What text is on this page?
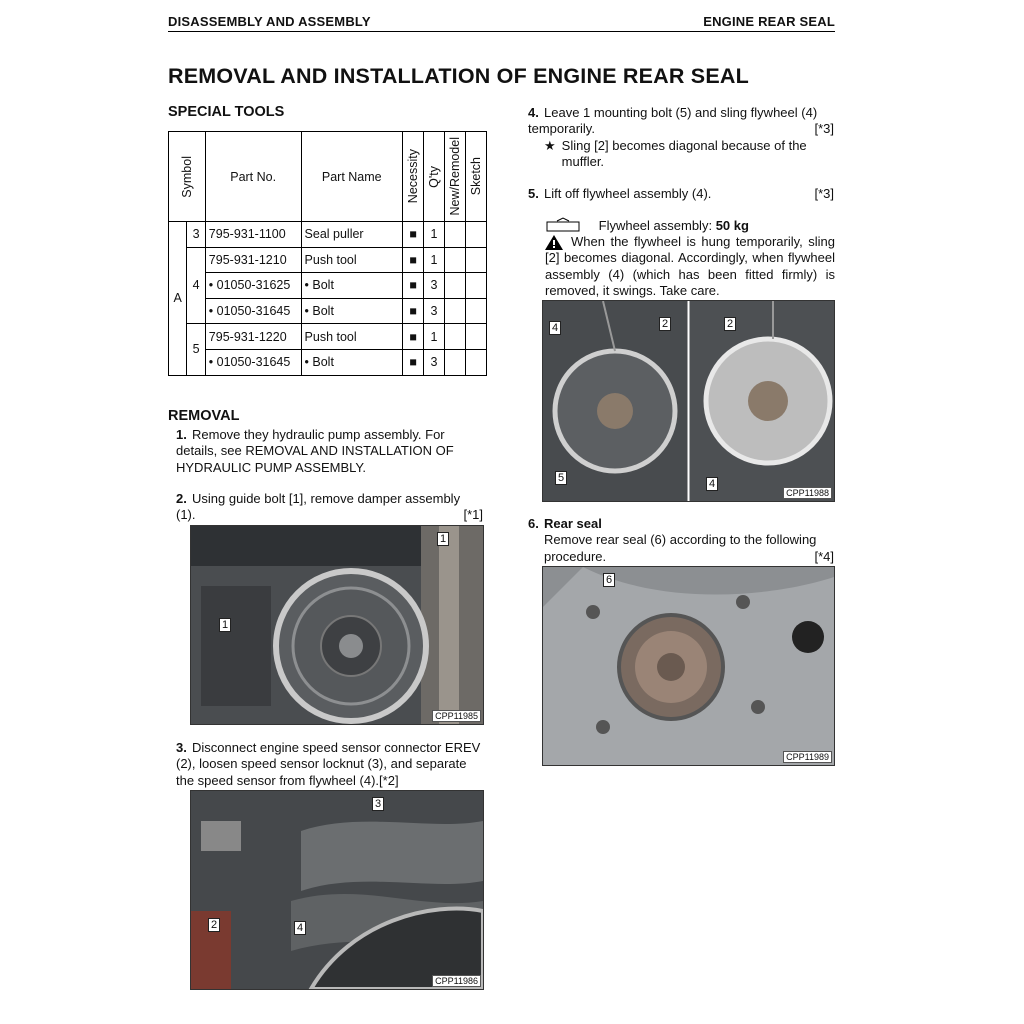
DISASSEMBLY AND ASSEMBLY	ENGINE REAR SEAL
REMOVAL AND INSTALLATION OF ENGINE REAR SEAL
SPECIAL TOOLS
Symbol		Part No.	Part Name	Necessity	Q'ty	New/Remodel	Sketch

A	3	795-931-1100	Seal puller	■	1		
	4	795-931-1210	Push tool	■	1		
		• 01050-31625	• Bolt	■	3		
		• 01050-31645	• Bolt	■	3		
	5	795-931-1220	Push tool	■	1		
		• 01050-31645	• Bolt	■	3		
REMOVAL
1. Remove they hydraulic pump assembly. For details, see REMOVAL AND INSTALLATION OF HYDRAULIC PUMP ASSEMBLY.
2. Using guide bolt [1], remove damper assembly (1).	[*1]
1
1
CPP11985
3. Disconnect engine speed sensor connector EREV (2), loosen speed sensor locknut (3), and separate the speed sensor from flywheel (4).[*2]
3
2	4
CPP11986
4. Leave 1 mounting bolt (5) and sling flywheel (4) temporarily.	[*3]
★ Sling [2] becomes diagonal because of the muffler.
5. Lift off flywheel assembly (4).	[*3]
Flywheel assembly: 50 kg
When the flywheel is hung temporarily, sling [2] becomes diagonal. Accordingly, when flywheel assembly (4) (which has been fitted firmly) is removed, it swings. Take care.
4	2
5
2
4
CPP11988
6. Rear seal
Remove rear seal (6) according to the following procedure.	[*4]
6
CPP11989
